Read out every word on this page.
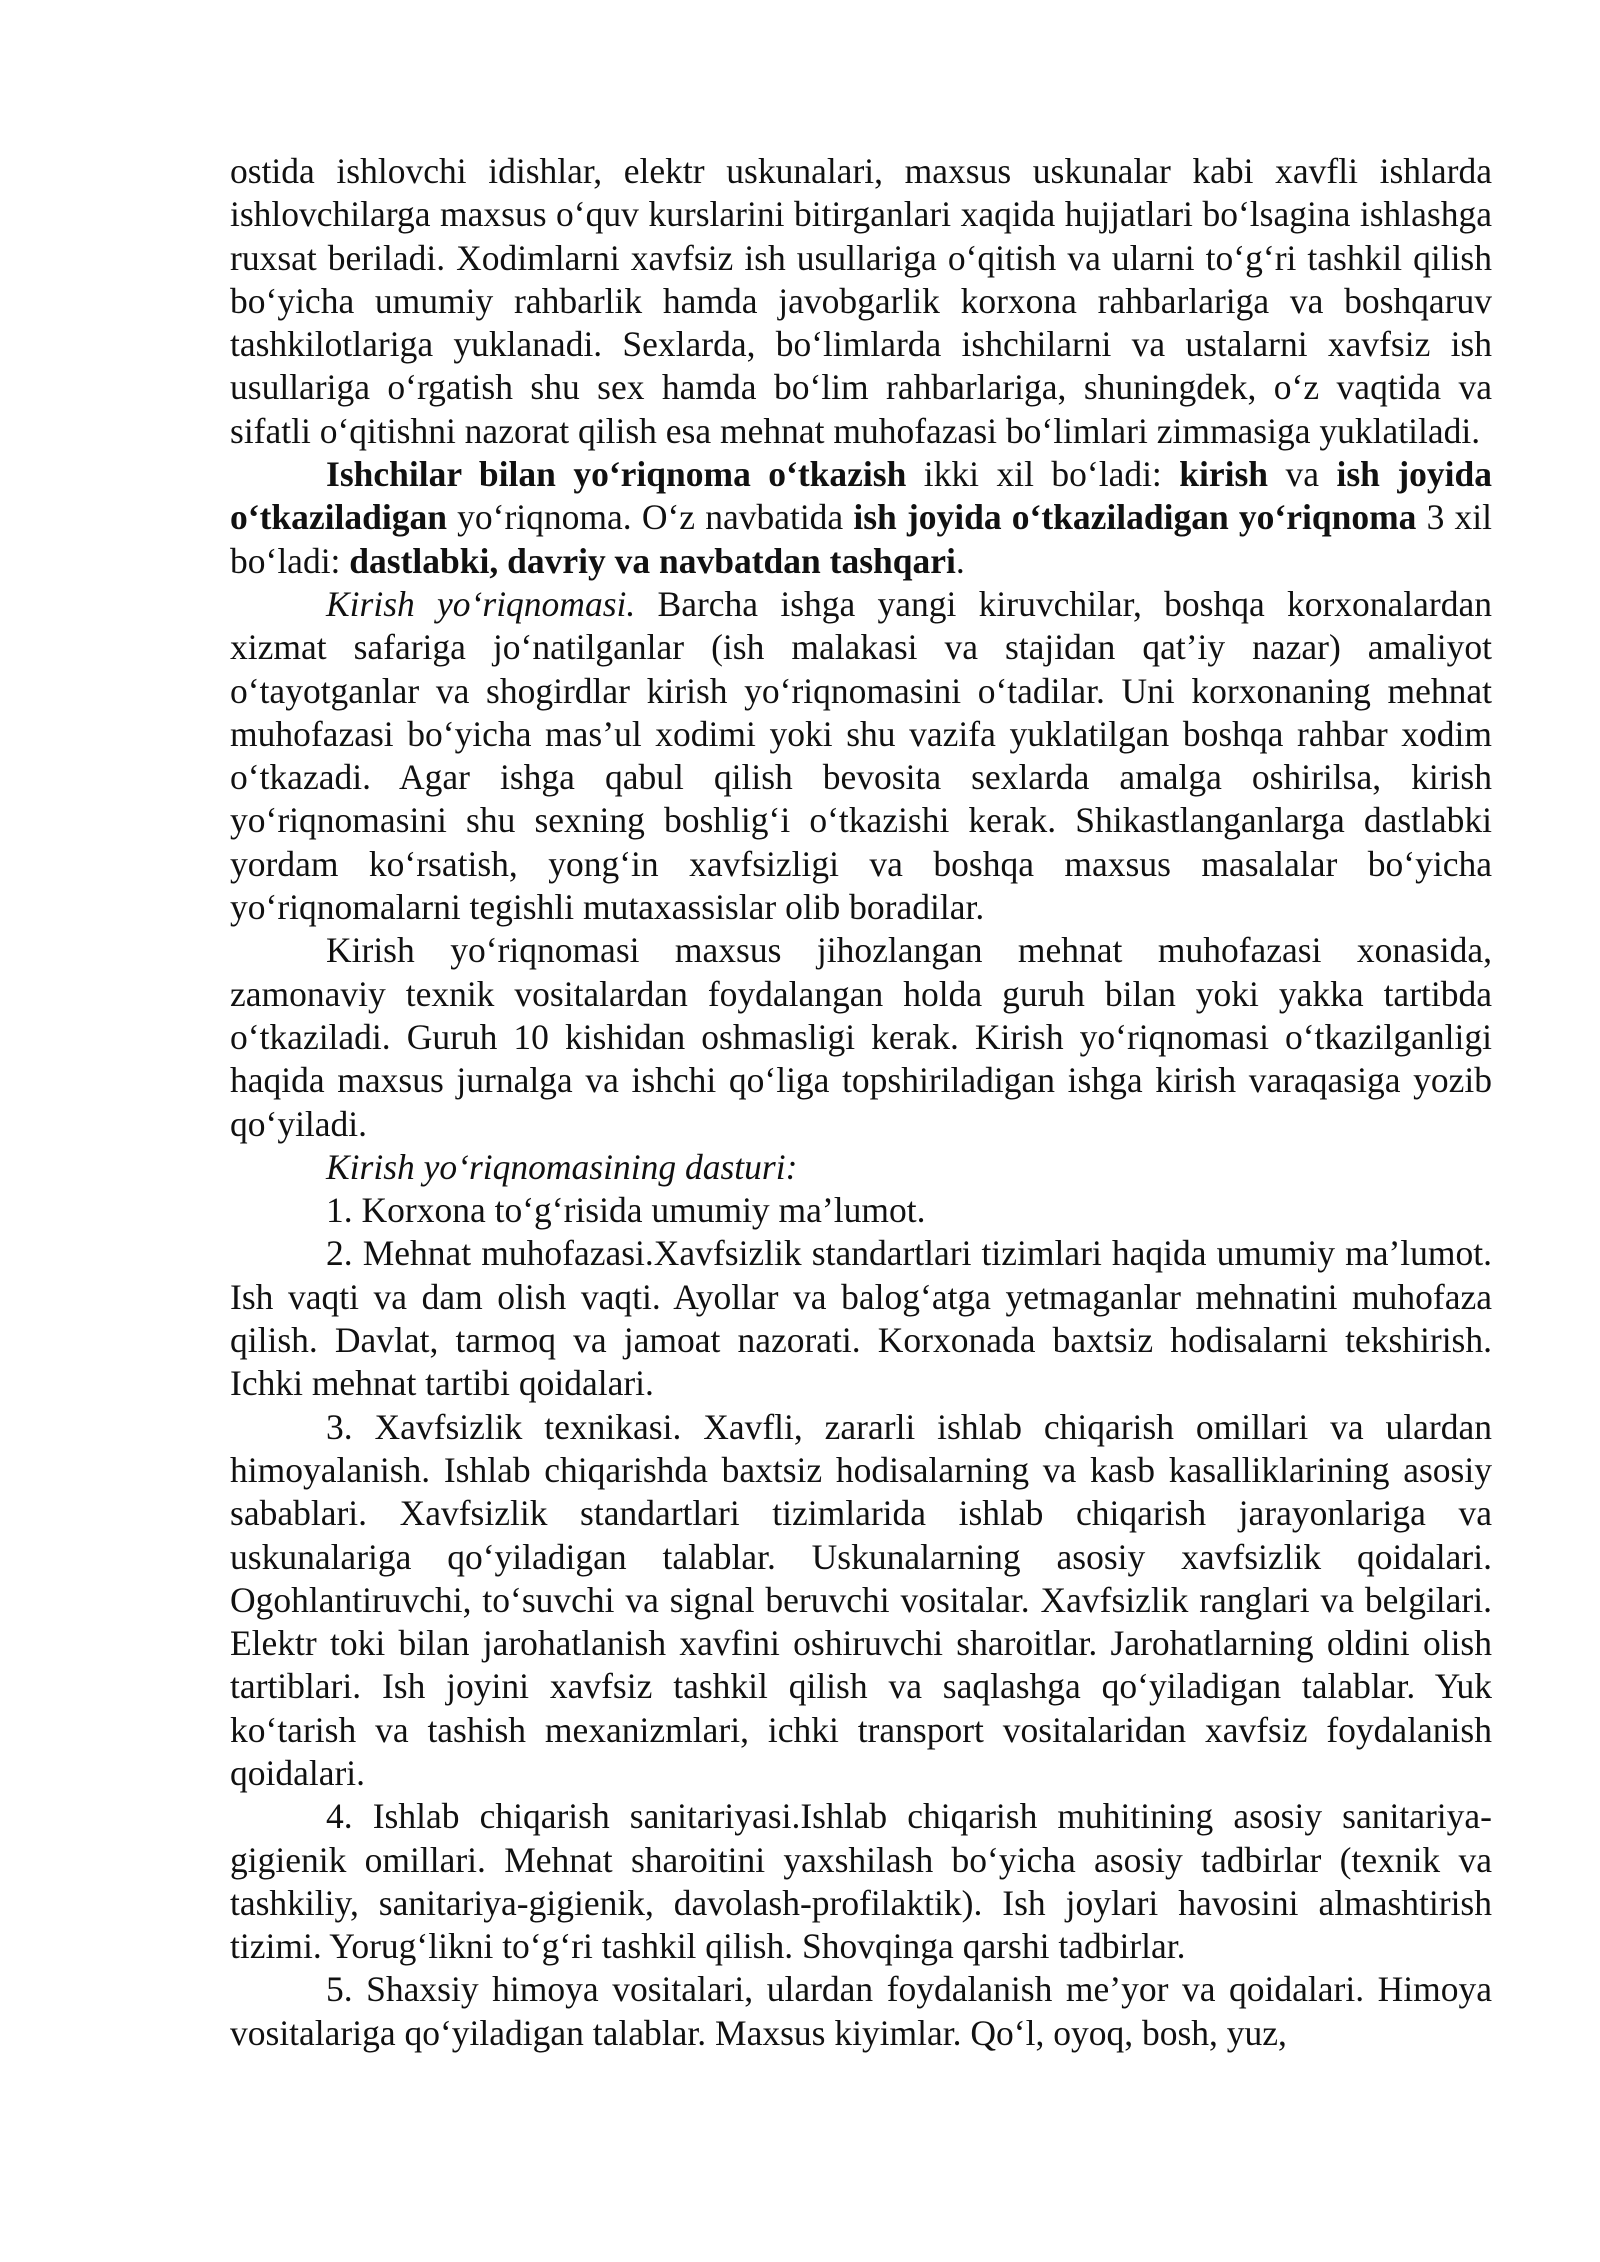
ostida ishlovchi idishlar, elektr uskunalari, maxsus uskunalar kabi xavfli ishlarda ishlovchilarga maxsus o‘quv kurslarini bitirganlari xaqida hujjatlari bo‘lsagina ishlashga ruxsat beriladi. Xodimlarni xavfsiz ish usullariga o‘qitish va ularni to‘g‘ri tashkil qilish bo‘yicha umumiy rahbarlik hamda javobgarlik korxona rahbarlariga va boshqaruv tashkilotlariga yuklanadi. Sexlarda, bo‘limlarda ishchilarni va ustalarni xavfsiz ish usullariga o‘rgatish shu sex hamda bo‘lim rahbarlariga, shuningdek, o‘z vaqtida va sifatli o‘qitishni nazorat qilish esa mehnat muhofazasi bo‘limlari zimmasiga yuklatiladi.

Ishchilar bilan yo‘riqnoma o‘tkazish ikki xil bo‘ladi: kirish va ish joyida o‘tkaziladigan yo‘riqnoma. O‘z navbatida ish joyida o‘tkaziladigan yo‘riqnoma 3 xil bo‘ladi: dastlabki, davriy va navbatdan tashqari.

Kirish yo‘riqnomasi. Barcha ishga yangi kiruvchilar, boshqa korxonalardan xizmat safariga jo‘natilganlar (ish malakasi va stajidan qat’iy nazar) amaliyot o‘tayotganlar va shogirdlar kirish yo‘riqnomasini o‘tadilar. Uni korxonaning mehnat muhofazasi bo‘yicha mas’ul xodimi yoki shu vazifa yuklatilgan boshqa rahbar xodim o‘tkazadi. Agar ishga qabul qilish bevosita sexlarda amalga oshirilsa, kirish yo‘riqnomasini shu sexning boshlig‘i o‘tkazishi kerak. Shikastlanganlarga dastlabki yordam ko‘rsatish, yong‘in xavfsizligi va boshqa maxsus masalalar bo‘yicha yo‘riqnomalarni tegishli mutaxassislar olib boradilar.

Kirish yo‘riqnomasi maxsus jihozlangan mehnat muhofazasi xonasida, zamonaviy texnik vositalardan foydalangan holda guruh bilan yoki yakka tartibda o‘tkaziladi. Guruh 10 kishidan oshmasligi kerak. Kirish yo‘riqnomasi o‘tkazilganligi haqida maxsus jurnalga va ishchi qo‘liga topshiriladigan ishga kirish varaqasiga yozib qo‘yiladi.

Kirish yo‘riqnomasining dasturi:

1. Korxona to‘g‘risida umumiy ma’lumot.

2. Mehnat muhofazasi.Xavfsizlik standartlari tizimlari haqida umumiy ma’lumot. Ish vaqti va dam olish vaqti. Ayollar va balog‘atga yetmaganlar mehnatini muhofaza qilish. Davlat, tarmoq va jamoat nazorati. Korxonada baxtsiz hodisalarni tekshirish. Ichki mehnat tartibi qoidalari.

3. Xavfsizlik texnikasi. Xavfli, zararli ishlab chiqarish omillari va ulardan himoyalanish. Ishlab chiqarishda baxtsiz hodisalarning va kasb kasalliklarining asosiy sabablari. Xavfsizlik standartlari tizimlarida ishlab chiqarish jarayonlariga va uskunalariga qo‘yiladigan talablar. Uskunalarning asosiy xavfsizlik qoidalari. Ogohlantiruvchi, to‘suvchi va signal beruvchi vositalar. Xavfsizlik ranglari va belgilari. Elektr toki bilan jarohatlanish xavfini oshiruvchi sharoitlar. Jarohatlarning oldini olish tartiblari. Ish joyini xavfsiz tashkil qilish va saqlashga qo‘yiladigan talablar. Yuk ko‘tarish va tashish mexanizmlari, ichki transport vositalaridan xavfsiz foydalanish qoidalari.

4. Ishlab chiqarish sanitariyasi.Ishlab chiqarish muhitining asosiy sanitariya-gigienik omillari. Mehnat sharoitini yaxshilash bo‘yicha asosiy tadbirlar (texnik va tashkiliy, sanitariya-gigienik, davolash-profilaktik). Ish joylari havosini almashtirish tizimi. Yorug‘likni to‘g‘ri tashkil qilish. Shovqinga qarshi tadbirlar.

5. Shaxsiy himoya vositalari, ulardan foydalanish me’yor va qoidalari. Himoya vositalariga qo‘yiladigan talablar. Maxsus kiyimlar. Qo‘l, oyoq, bosh, yuz,
